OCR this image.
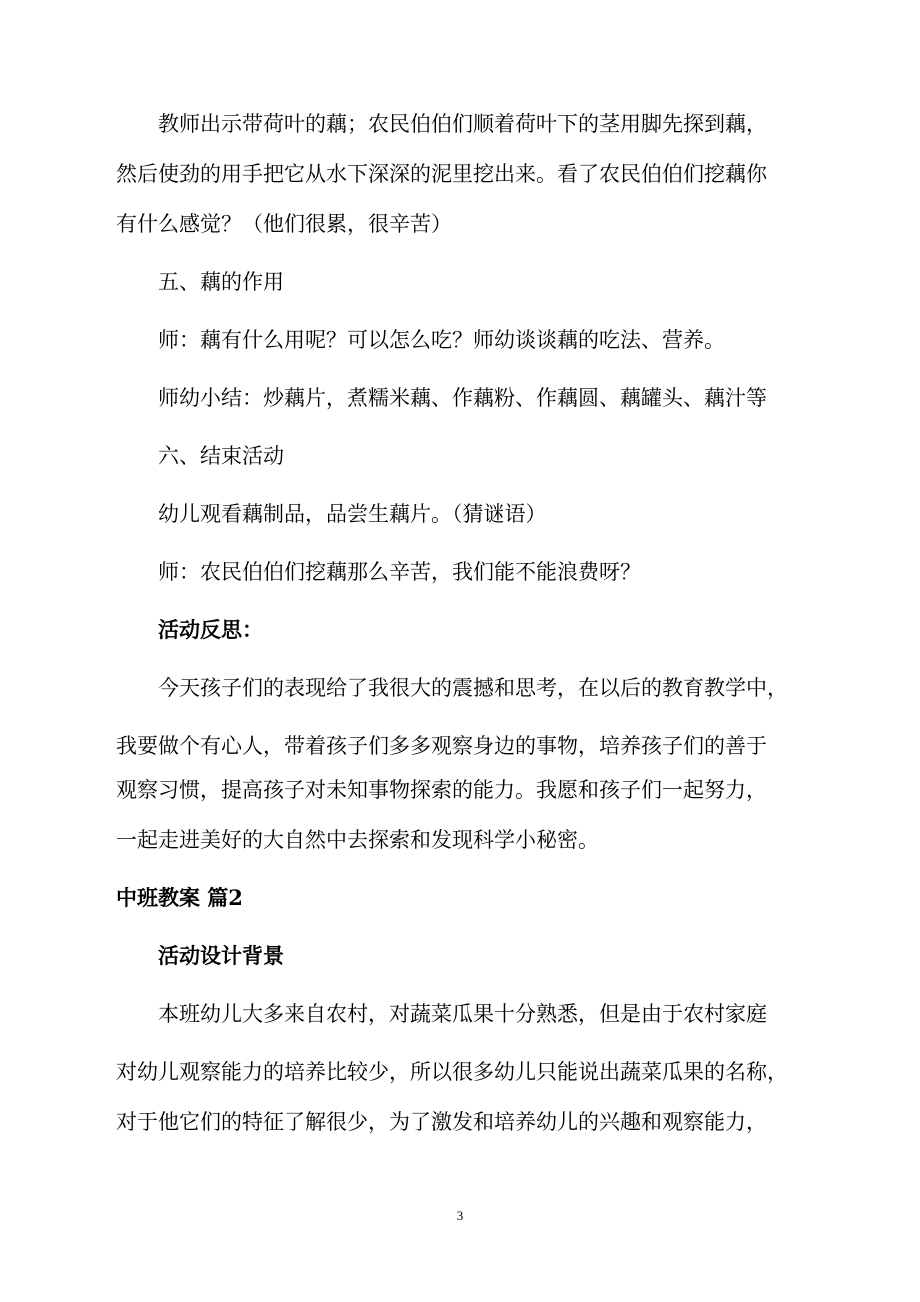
教师出示带荷叶的藕；农民伯伯们顺着荷叶下的茎用脚先探到藕，

然后使劲的用手把它从水下深深的泥里挖出来。看了农民伯伯们挖藕你

有什么感觉？（他们很累，很辛苦）

五、藕的作用

师：藕有什么用呢？可以怎么吃？师幼谈谈藕的吃法、营养。

师幼小结：炒藕片，煮糯米藕、作藕粉、作藕圆、藕罐头、藕汁等

六、结束活动

幼儿观看藕制品，品尝生藕片。（猜谜语）

师：农民伯伯们挖藕那么辛苦，我们能不能浪费呀？

活动反思：

今天孩子们的表现给了我很大的震撼和思考，在以后的教育教学中，

我要做个有心人，带着孩子们多多观察身边的事物，培养孩子们的善于

观察习惯，提高孩子对未知事物探索的能力。我愿和孩子们一起努力，

一起走进美好的大自然中去探索和发现科学小秘密。

中班教案 篇2

活动设计背景

本班幼儿大多来自农村，对蔬菜瓜果十分熟悉，但是由于农村家庭

对幼儿观察能力的培养比较少，所以很多幼儿只能说出蔬菜瓜果的名称，

对于他它们的特征了解很少，为了激发和培养幼儿的兴趣和观察能力，

3
